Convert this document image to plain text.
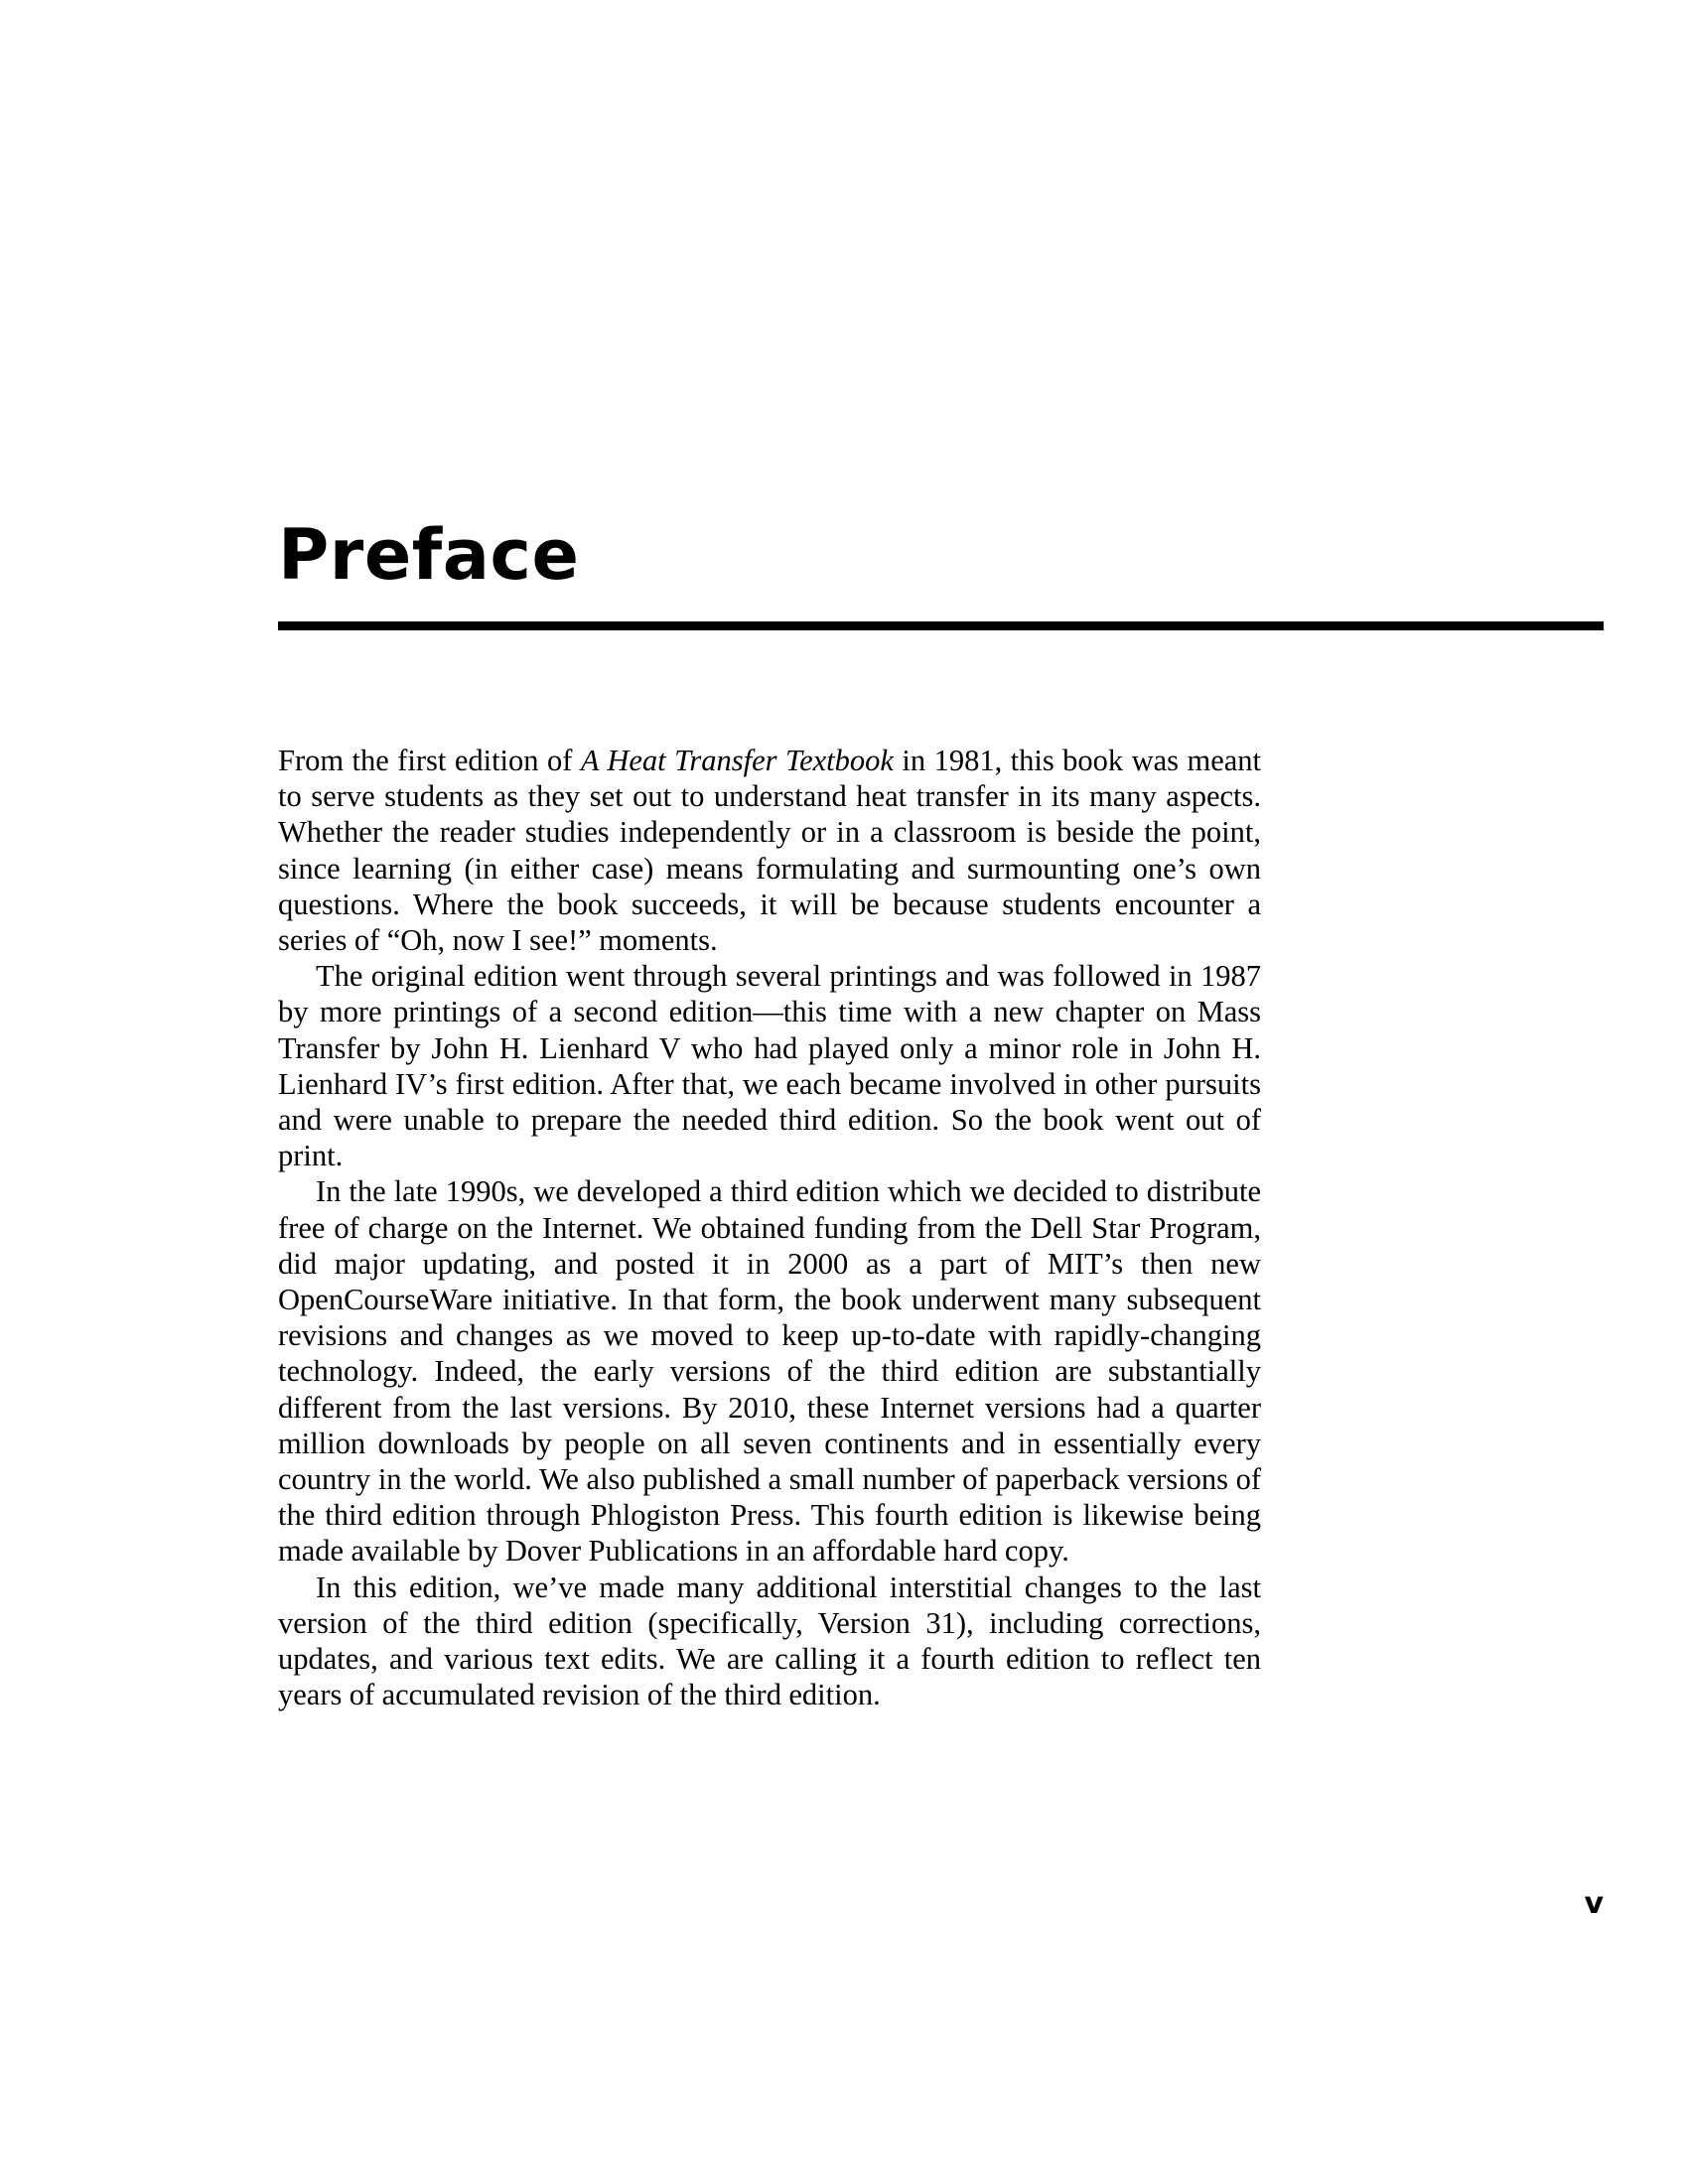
Preface

From the first edition of A Heat Transfer Textbook in 1981, this book was meant to serve students as they set out to understand heat transfer in its many aspects. Whether the reader studies independently or in a classroom is beside the point, since learning (in either case) means formulating and surmounting one’s own questions. Where the book succeeds, it will be because students encounter a series of “Oh, now I see!” moments.

The original edition went through several printings and was followed in 1987 by more printings of a second edition—this time with a new chapter on Mass Transfer by John H. Lienhard V who had played only a minor role in John H. Lienhard IV’s first edition. After that, we each became involved in other pursuits and were unable to prepare the needed third edition. So the book went out of print.

In the late 1990s, we developed a third edition which we decided to distribute free of charge on the Internet. We obtained funding from the Dell Star Program, did major updating, and posted it in 2000 as a part of MIT’s then new OpenCourseWare initiative. In that form, the book underwent many subsequent revisions and changes as we moved to keep up-to-date with rapidly-changing technology. Indeed, the early versions of the third edition are substantially different from the last versions. By 2010, these Internet versions had a quarter million downloads by people on all seven continents and in essentially every country in the world. We also published a small number of paperback versions of the third edition through Phlogiston Press. This fourth edition is likewise being made available by Dover Publications in an affordable hard copy.

In this edition, we’ve made many additional interstitial changes to the last version of the third edition (specifically, Version 31), including corrections, updates, and various text edits. We are calling it a fourth edition to reflect ten years of accumulated revision of the third edition.

v
